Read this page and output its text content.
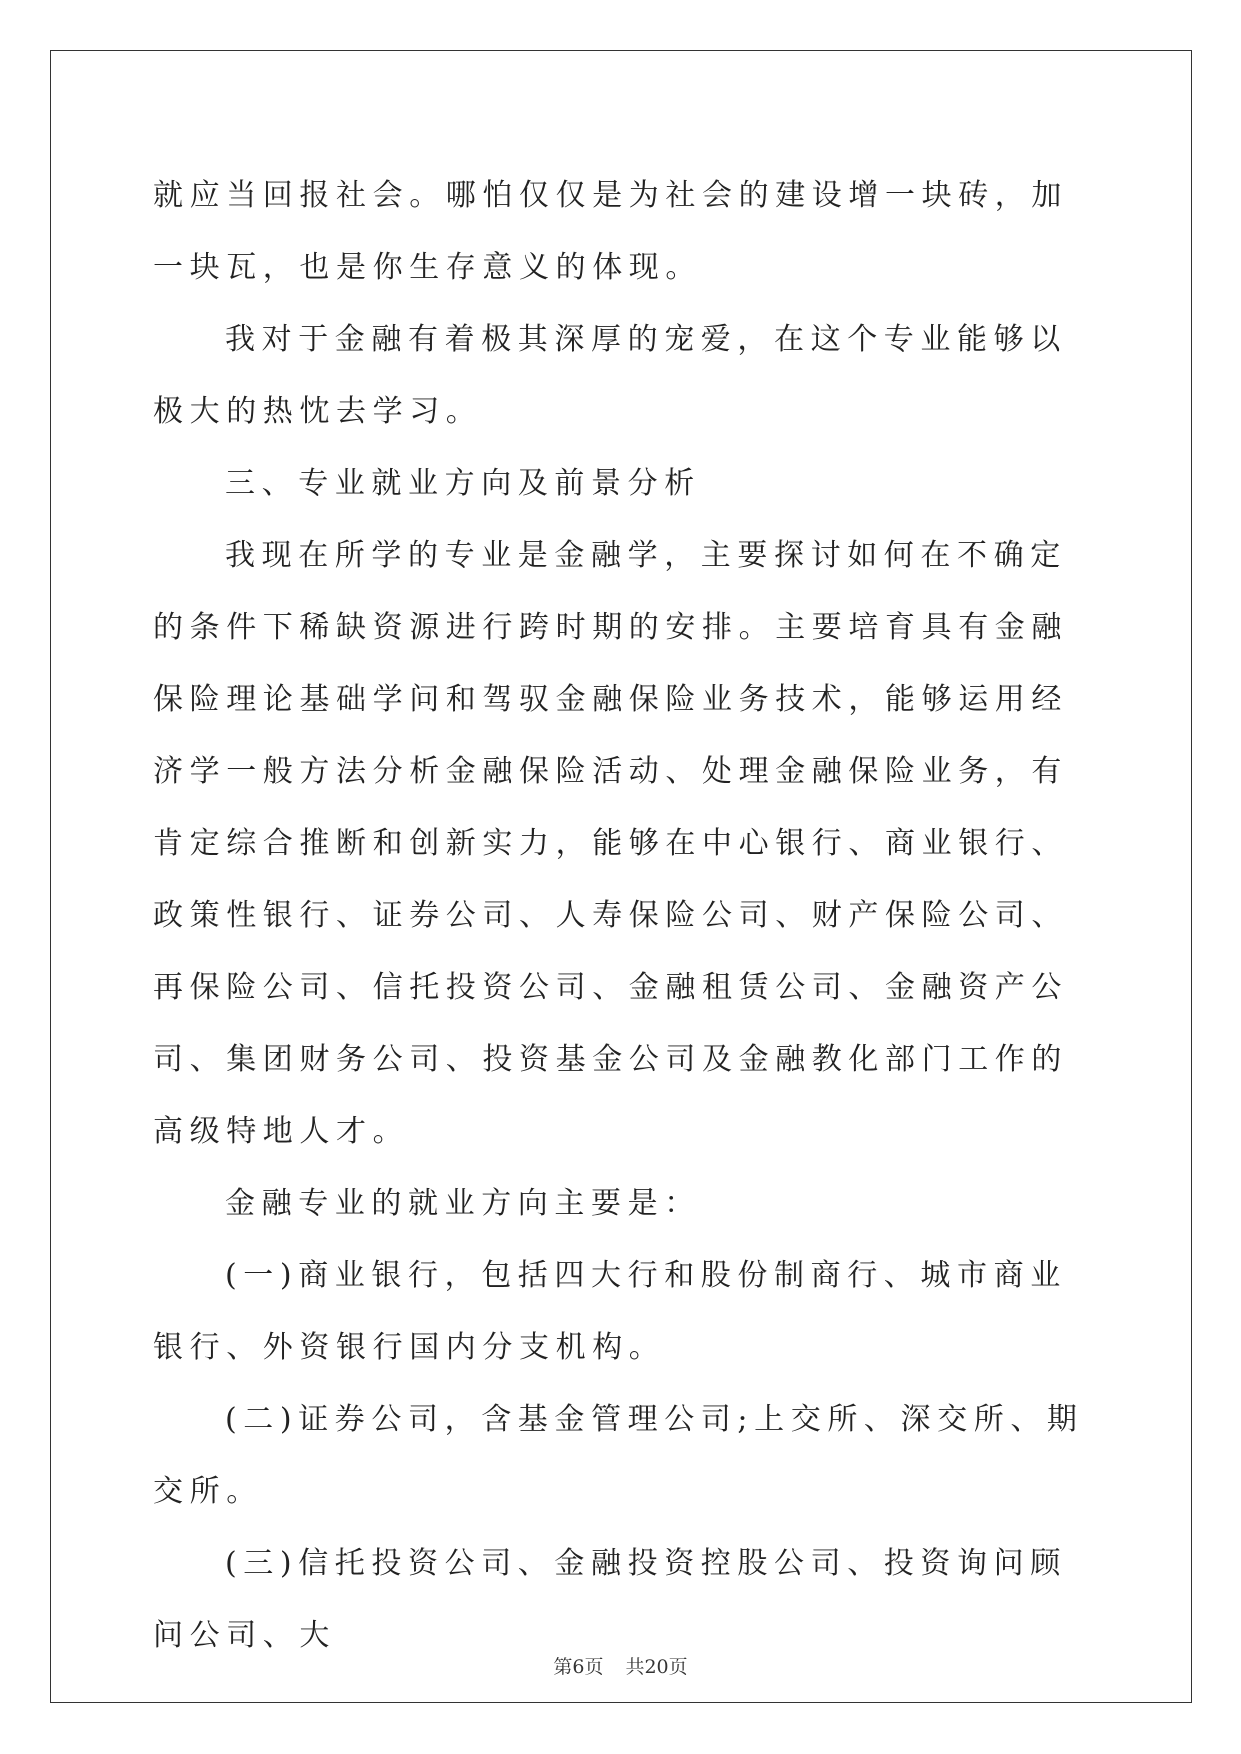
就应当回报社会。哪怕仅仅是为社会的建设增一块砖，加一块瓦，也是你生存意义的体现。

我对于金融有着极其深厚的宠爱，在这个专业能够以极大的热忱去学习。

三、专业就业方向及前景分析

我现在所学的专业是金融学，主要探讨如何在不确定的条件下稀缺资源进行跨时期的安排。主要培育具有金融保险理论基础学问和驾驭金融保险业务技术，能够运用经济学一般方法分析金融保险活动、处理金融保险业务，有肯定综合推断和创新实力，能够在中心银行、商业银行、政策性银行、证券公司、人寿保险公司、财产保险公司、再保险公司、信托投资公司、金融租赁公司、金融资产公司、集团财务公司、投资基金公司及金融教化部门工作的高级特地人才。

金融专业的就业方向主要是：

(一)商业银行，包括四大行和股份制商行、城市商业银行、外资银行国内分支机构。

(二)证券公司，含基金管理公司;上交所、深交所、期交所。

(三)信托投资公司、金融投资控股公司、投资询问顾问公司、大

第6页 共20页
